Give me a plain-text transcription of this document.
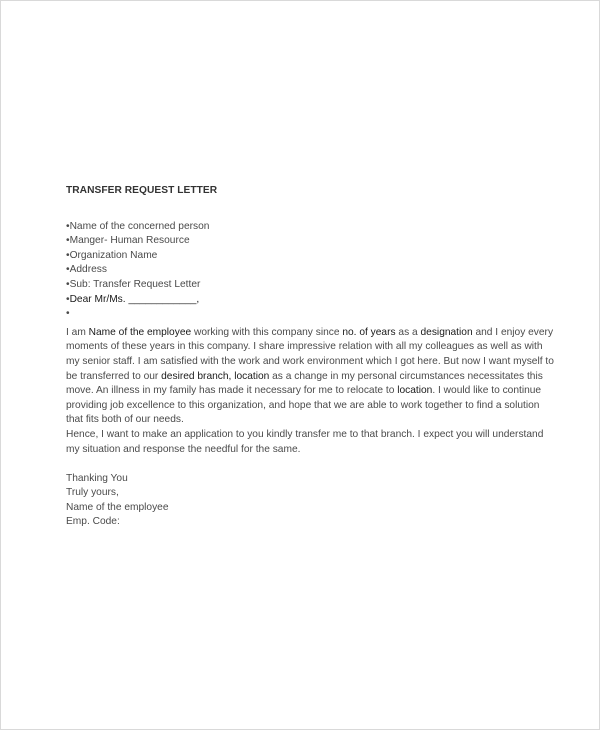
TRANSFER REQUEST LETTER
•Name of the concerned person
•Manger- Human Resource
•Organization Name
•Address
•Sub: Transfer Request Letter
•Dear Mr/Ms. ____________,
•
I am Name of the employee working with this company since no. of years as a designation and I enjoy every
moments of these years in this company. I share impressive relation with all my colleagues as well as with
my senior staff. I am satisfied with the work and work environment which I got here. But now I want myself to
be transferred to our desired branch, location as a change in my personal circumstances necessitates this
move. An illness in my family has made it necessary for me to relocate to location. I would like to continue
providing job excellence to this organization, and hope that we are able to work together to find a solution
that fits both of our needs.
Hence, I want to make an application to you kindly transfer me to that branch. I expect you will understand
my situation and response the needful for the same.
Thanking You
Truly yours,
Name of the employee
Emp. Code:
